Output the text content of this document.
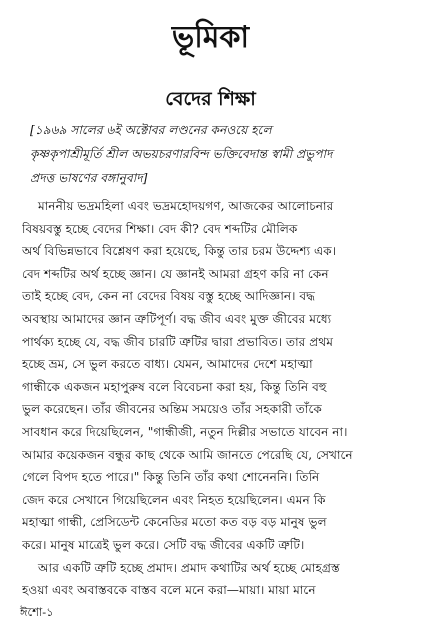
ভূমিকা
বেদের শিক্ষা
[১৯৬৯ সালের ৬ই অক্টোবর লণ্ডনের কনওয়ে হলে
কৃষ্ণকৃপাশ্রীমূর্তি শ্রীল অভয়চরণারবিন্দ ভক্তিবেদান্ত স্বামী প্রভুপাদ
প্রদত্ত ভাষণের বঙ্গানুবাদ]
মাননীয় ভদ্রমহিলা এবং ভদ্রমহোদয়গণ, আজকের আলোচনার
বিষয়বস্তু হচ্ছে বেদের শিক্ষা। বেদ কী? বেদ শব্দটির মৌলিক
অর্থ বিভিন্নভাবে বিশ্লেষণ করা হয়েছে, কিন্তু তার চরম উদ্দেশ্য এক।
বেদ শব্দটির অর্থ হচ্ছে জ্ঞান। যে জ্ঞানই আমরা গ্রহণ করি না কেন
তাই হচ্ছে বেদ, কেন না বেদের বিষয় বস্তু হচ্ছে আদিজ্ঞান। বদ্ধ
অবস্থায় আমাদের জ্ঞান ত্রুটিপূর্ণ। বদ্ধ জীব এবং মুক্ত জীবের মধ্যে
পার্থক্য হচ্ছে যে, বদ্ধ জীব চারটি ত্রুটির দ্বারা প্রভাবিত। তার প্রথম
হচ্ছে ভ্রম, সে ভুল করতে বাধ্য। যেমন, আমাদের দেশে মহাত্মা
গান্ধীকে একজন মহাপুরুষ বলে বিবেচনা করা হয়, কিন্তু তিনি বহু
ভুল করেছেন। তাঁর জীবনের অন্তিম সময়েও তাঁর সহকারী তাঁকে
সাবধান করে দিয়েছিলেন, "গান্ধীজী, নতুন দিল্লীর সভাতে যাবেন না।
আমার কয়েকজন বন্ধুর কাছ থেকে আমি জানতে পেরেছি যে, সেখানে
গেলে বিপদ হতে পারে।" কিন্তু তিনি তাঁর কথা শোনেননি। তিনি
জেদ করে সেখানে গিয়েছিলেন এবং নিহত হয়েছিলেন। এমন কি
মহাত্মা গান্ধী, প্রেসিডেন্ট কেনেডির মতো কত বড় বড় মানুষ ভুল
করে। মানুষ মাত্রেই ভুল করে। সেটি বদ্ধ জীবের একটি ত্রুটি।
আর একটি ত্রুটি হচ্ছে প্রমাদ। প্রমাদ কথাটির অর্থ হচ্ছে মোহগ্রস্ত
হওয়া এবং অবাস্তবকে বাস্তব বলে মনে করা—মায়া। মায়া মানে
ঈশো-১
